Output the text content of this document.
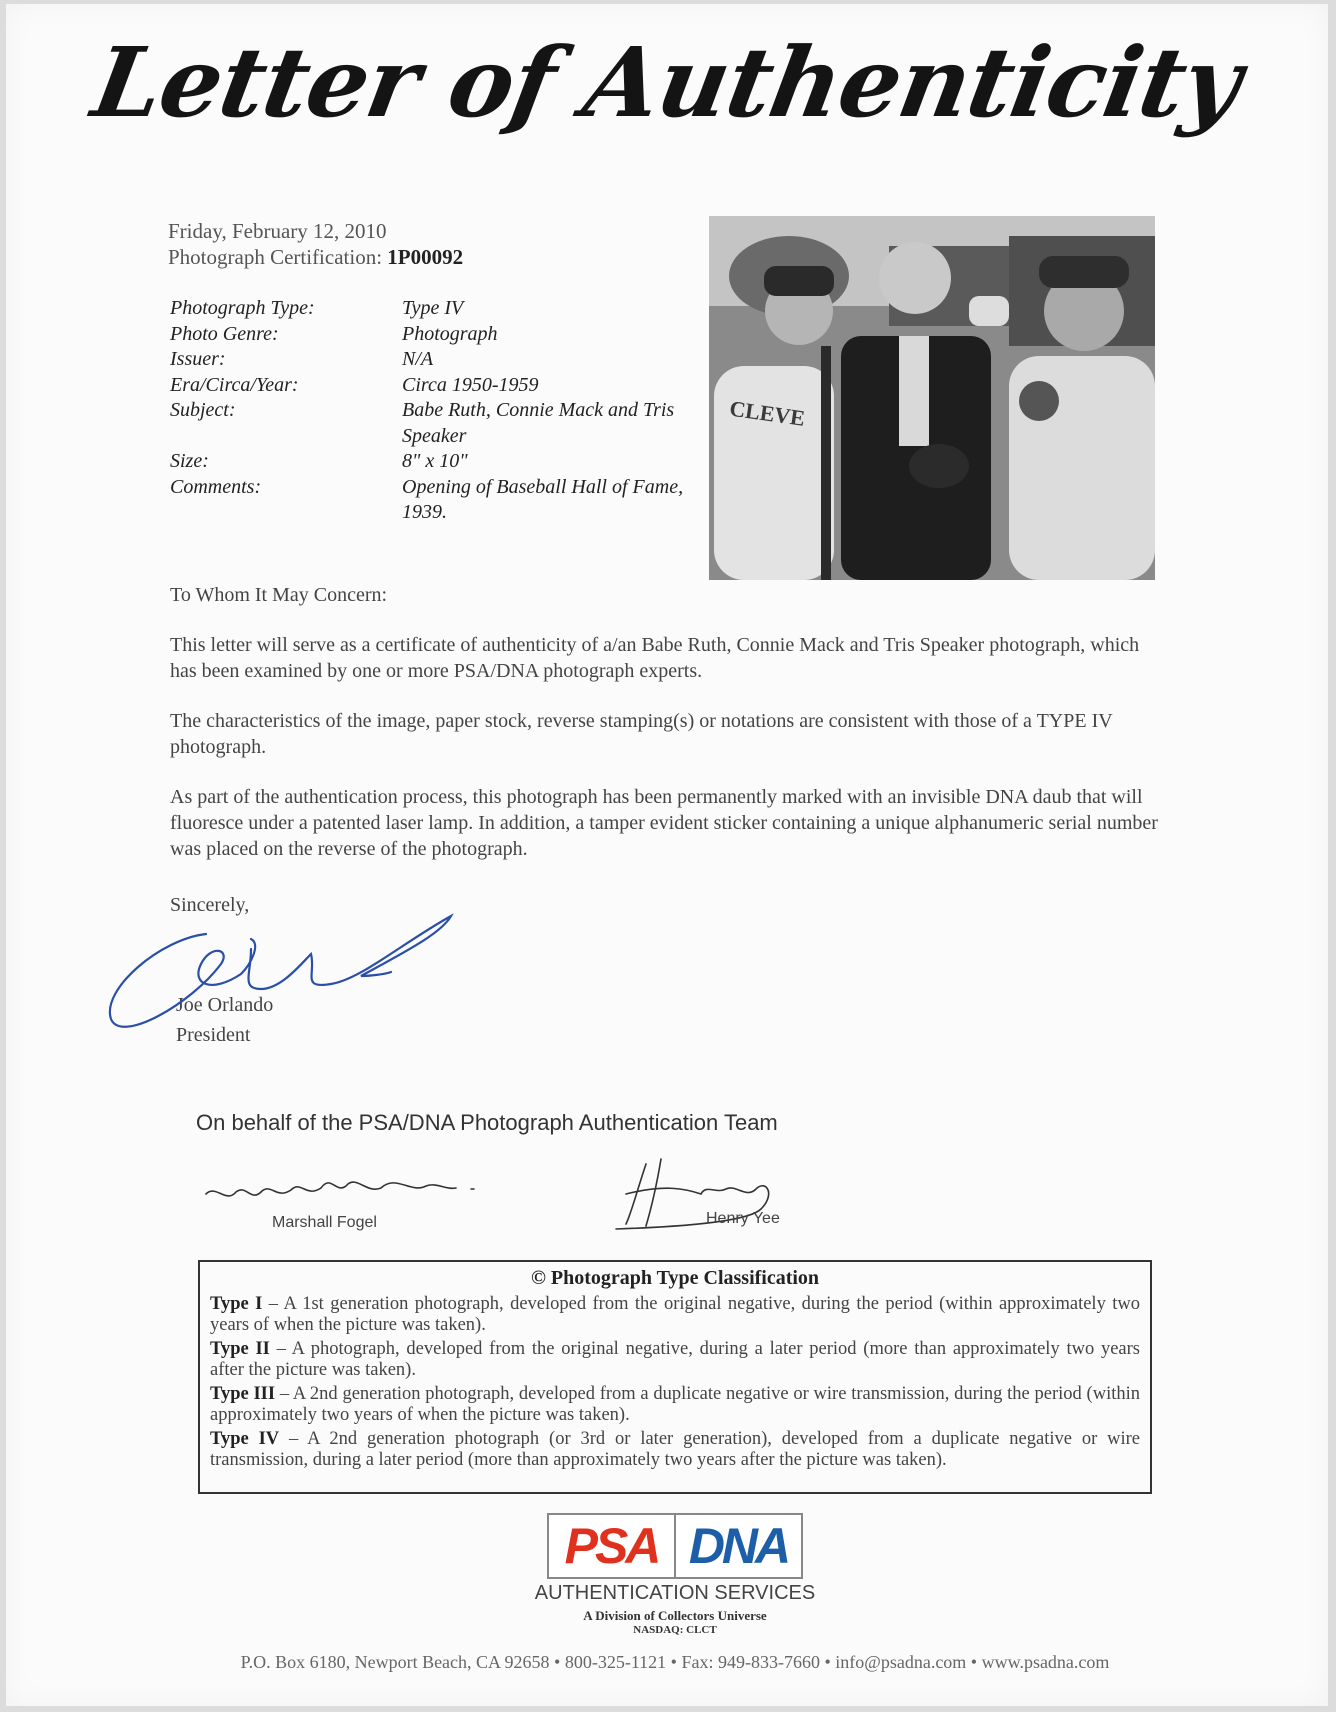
Letter of Authenticity
Friday, February 12, 2010
Photograph Certification: 1P00092
Photograph Type:	Type IV
Photo Genre:	Photograph
Issuer:	N/A
Era/Circa/Year:	Circa 1950-1959
Subject:	Babe Ruth, Connie Mack and Tris Speaker
Size:	8" x 10"
Comments:	Opening of Baseball Hall of Fame, 1939.
CLEVE

To Whom It May Concern:

This letter will serve as a certificate of authenticity of a/an Babe Ruth, Connie Mack and Tris Speaker photograph, which has been examined by one or more PSA/DNA photograph experts.

The characteristics of the image, paper stock, reverse stamping(s) or notations are consistent with those of a TYPE IV photograph.

As part of the authentication process, this photograph has been permanently marked with an invisible DNA daub that will fluoresce under a patented laser lamp. In addition, a tamper evident sticker containing a unique alphanumeric serial number was placed on the reverse of the photograph.

Sincerely,
Joe Orlando
President
On behalf of the PSA/DNA Photograph Authentication Team
Marshall Fogel	Henry Yee
© Photograph Type Classification
Type I – A 1st generation photograph, developed from the original negative, during the period (within approximately two years of when the picture was taken).
Type II – A photograph, developed from the original negative, during a later period (more than approximately two years after the picture was taken).
Type III – A 2nd generation photograph, developed from a duplicate negative or wire transmission, during the period (within approximately two years of when the picture was taken).
Type IV – A 2nd generation photograph (or 3rd or later generation), developed from a duplicate negative or wire transmission, during a later period (more than approximately two years after the picture was taken).
PSA DNA
AUTHENTICATION SERVICES
A Division of Collectors Universe
NASDAQ: CLCT
P.O. Box 6180, Newport Beach, CA 92658 • 800-325-1121 • Fax: 949-833-7660 • info@psadna.com • www.psadna.com
